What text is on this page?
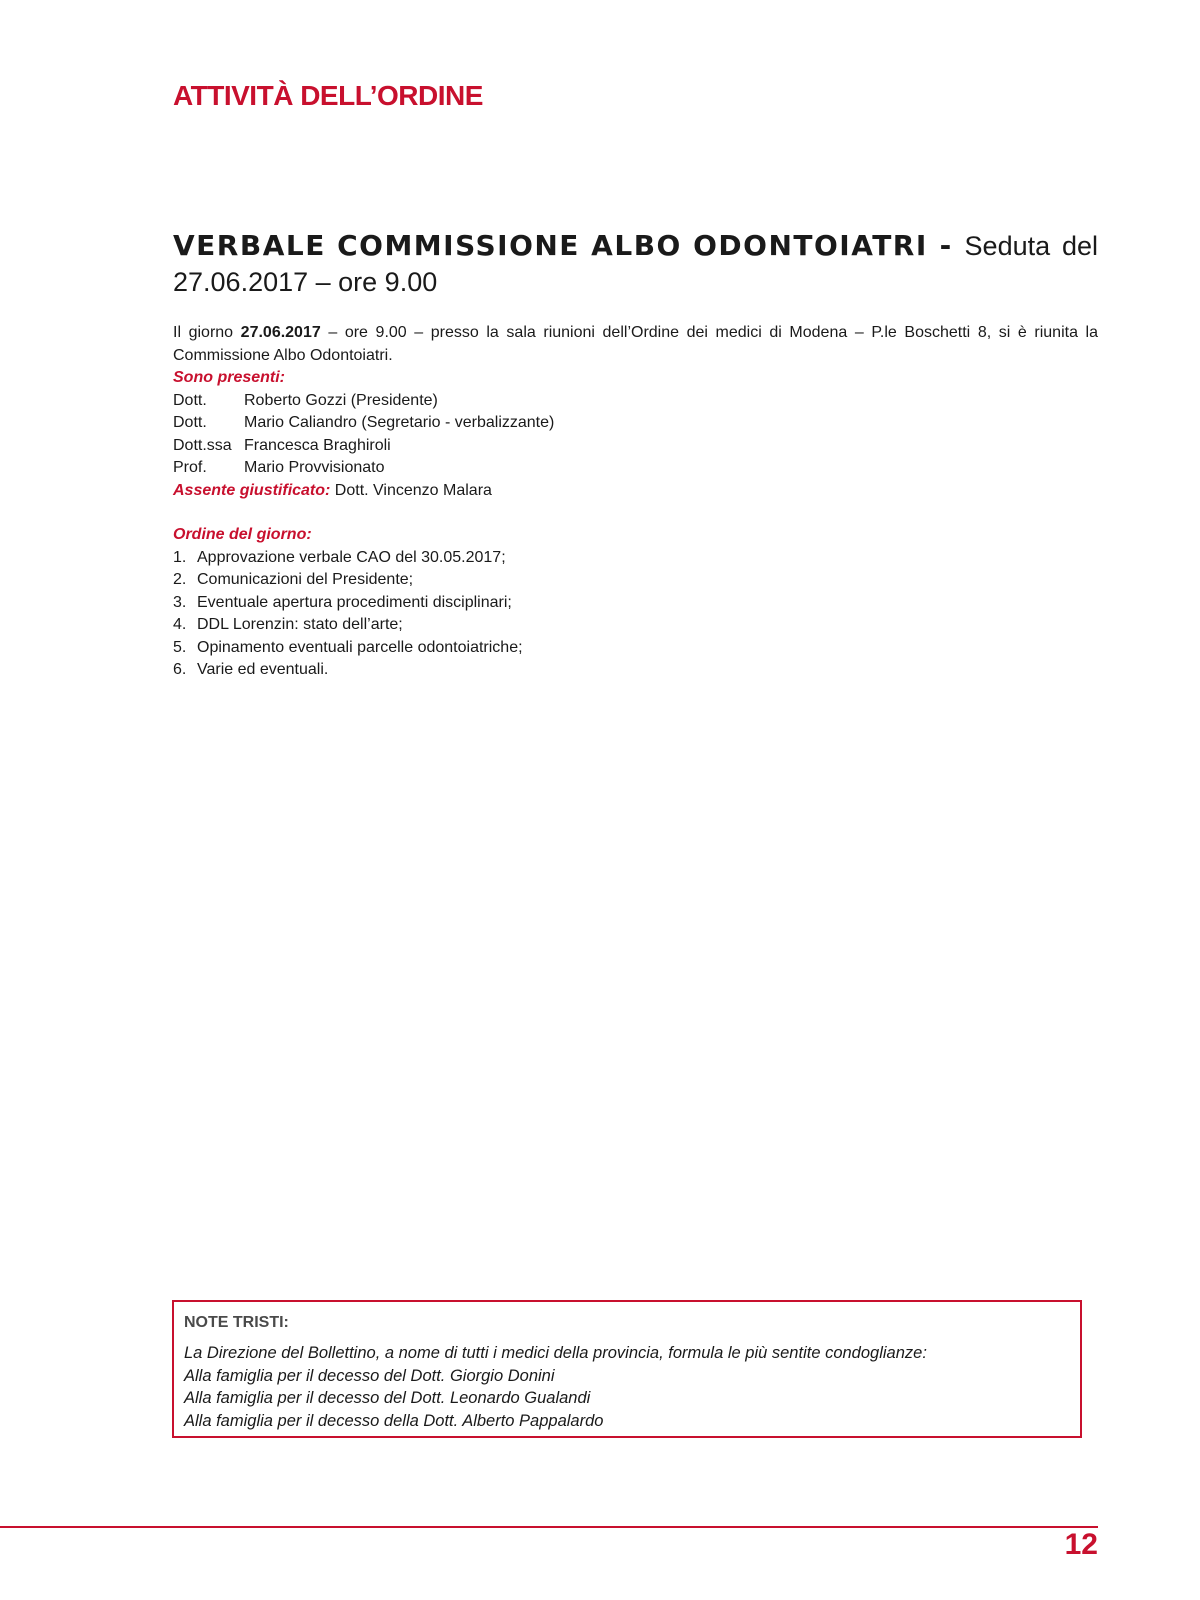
ATTIVITÀ DELL’ORDINE
VERBALE COMMISSIONE ALBO ODONTOIATRI - Seduta del
27.06.2017 – ore 9.00

Il giorno 27.06.2017 – ore 9.00 – presso la sala riunioni dell’Ordine dei medici di Modena – P.le Boschetti 8, si è riunita la Commissione Albo Odontoiatri.

Sono presenti:
Dott.	Roberto Gozzi (Presidente)
Dott.	Mario Caliandro (Segretario - verbalizzante)
Dott.ssa Francesca Braghiroli
Prof.	Mario Provvisionato
Assente giustificato: Dott. Vincenzo Malara
Ordine del giorno:
1. Approvazione verbale CAO del 30.05.2017;
2. Comunicazioni del Presidente;
3. Eventuale apertura procedimenti disciplinari;
4. DDL Lorenzin: stato dell’arte;
5. Opinamento eventuali parcelle odontoiatriche;
6. Varie ed eventuali.

NOTE TRISTI:

La Direzione del Bollettino, a nome di tutti i medici della provincia, formula le più sentite condoglianze:
Alla famiglia per il decesso del Dott. Giorgio Donini
Alla famiglia per il decesso del Dott. Leonardo Gualandi
Alla famiglia per il decesso della Dott. Alberto Pappalardo
12
